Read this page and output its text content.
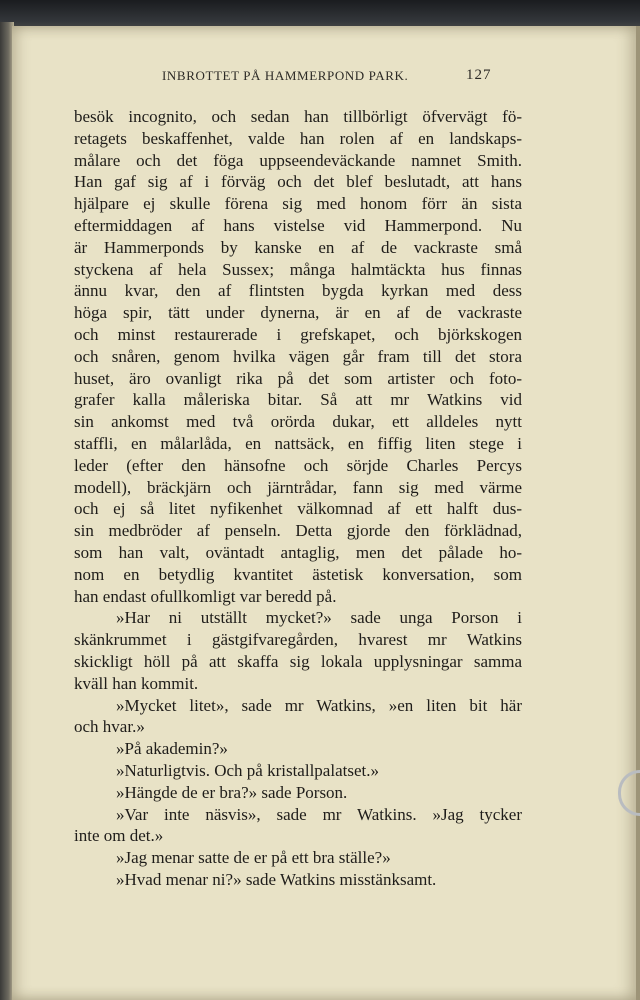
INBROTTET PÅ HAMMERPOND PARK.	127
besök incognito, och sedan han tillbörligt öfvervägt fö-
retagets beskaffenhet, valde han rolen af en landskaps-
målare och det föga uppseendeväckande namnet Smith.
Han gaf sig af i förväg och det blef beslutadt, att hans
hjälpare ej skulle förena sig med honom förr än sista
eftermiddagen af hans vistelse vid Hammerpond. Nu
är Hammerponds by kanske en af de vackraste små
styckena af hela Sussex; många halmtäckta hus finnas
ännu kvar, den af flintsten bygda kyrkan med dess
höga spir, tätt under dynerna, är en af de vackraste
och minst restaurerade i grefskapet, och björkskogen
och snåren, genom hvilka vägen går fram till det stora
huset, äro ovanligt rika på det som artister och foto-
grafer kalla måleriska bitar. Så att mr Watkins vid
sin ankomst med två orörda dukar, ett alldeles nytt
staffli, en målarlåda, en nattsäck, en fiffig liten stege i
leder (efter den hänsofne och sörjde Charles Percys
modell), bräckjärn och järntrådar, fann sig med värme
och ej så litet nyfikenhet välkomnad af ett halft dus-
sin medbröder af penseln. Detta gjorde den förklädnad,
som han valt, oväntadt antaglig, men det pålade ho-
nom en betydlig kvantitet ästetisk konversation, som
han endast ofullkomligt var beredd på.
»Har ni utställt mycket?» sade unga Porson i
skänkrummet i gästgifvaregården, hvarest mr Watkins
skickligt höll på att skaffa sig lokala upplysningar samma
kväll han kommit.
»Mycket litet», sade mr Watkins, »en liten bit här
och hvar.»
»På akademin?»
»Naturligtvis. Och på kristallpalatset.»
»Hängde de er bra?» sade Porson.
»Var inte näsvis», sade mr Watkins. »Jag tycker
inte om det.»
»Jag menar satte de er på ett bra ställe?»
»Hvad menar ni?» sade Watkins misstänksamt.
